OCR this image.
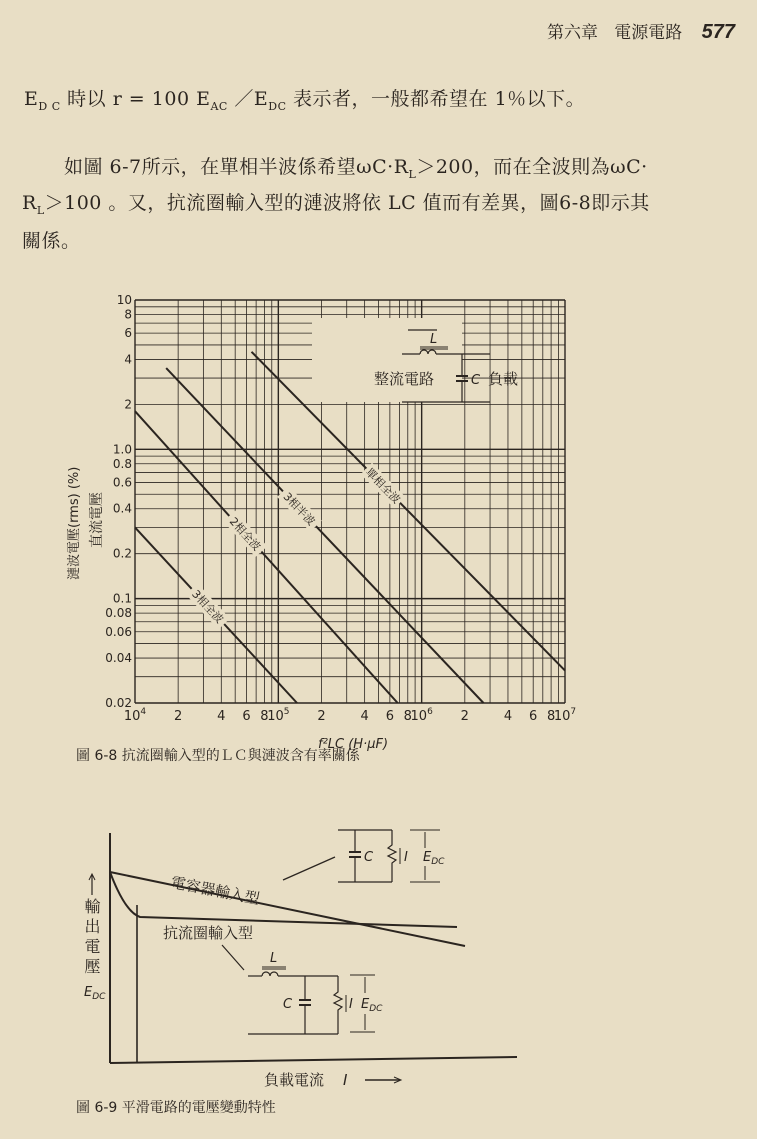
第六章 電源電路 577
$E_{D C}$ 時以 r = 100 $E_{AC}$ $/E_{DC}$ 表示者，一般都希望在 1％以下。
如圖 6-7所示，在單相半波係希望$\omega C\cdot R_L>200$，而在全波則為ωC·
$R_L>100$ 。又，抗流圈輸入型的漣波將依 LC 值而有差異，圖6-8即示其
關係。
$10^4$ 2	4 6 8
$10^5$ 2	4 6 8
$10^6$ 2	4 6 8
$10^7$
10
8
6
4
2
1.0
0.8
0.6
0.4
0.2
0.1
0.08
0.06
0.04
0.02
單相全波
3相半波
2相全波
3相全波
L
C
整流電路	負載
f²LC (H·μF)
漣波電壓(rms) (%) 直流電壓
圖 6-8 抗流圈輸入型的ＬＣ與漣波含有率關係
電容器輸入型
抗流圈輸入型
$E_{DC}$
負載電流 I
C I $E_{DC}$
L
C	I $E_{DC}$
圖 6-9 平滑電路的電壓變動特性
輸出電壓
